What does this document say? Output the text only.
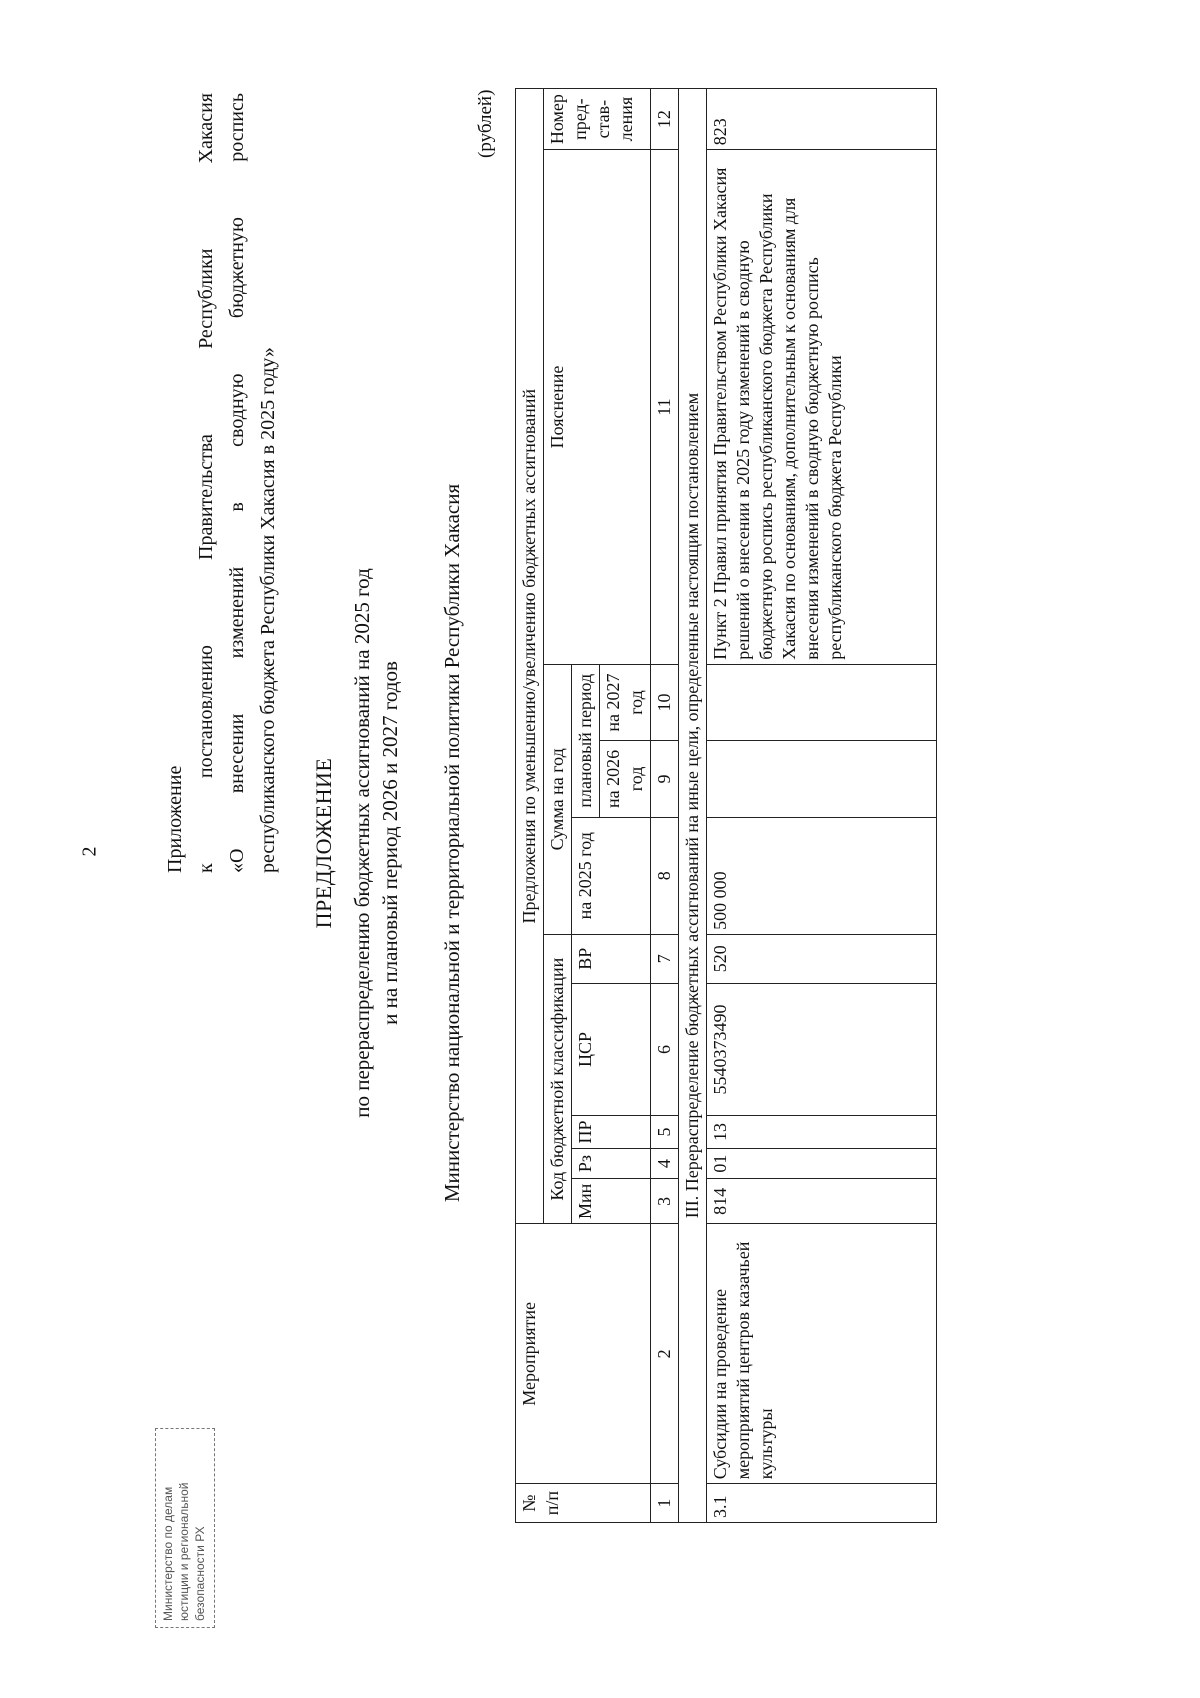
2
Министерство по делам юстиции и региональной безопасности РХ
Приложение к
постановлению
Правительства
Республики
Хакасия
«О
внесении
изменений
в
сводную
бюджетную
роспись
республиканского бюджета Республики Хакасия в 2025 году» ПРЕДЛОЖЕНИЕ по перераспределению бюджетных ассигнований на 2025 год и на плановый период 2026 и 2027 годов Министерство национальной и территориальной политики Республики Хакасия
(рублей)
№ п/п	Мероприятие	Предложения по уменьшению/увеличению бюджетных ассигнований									
		Код бюджетной классификации					Сумма на год			Пояснение	Номер пред-став-ления
		Мин	Рз	ПР	ЦСР	ВР	на 2025 год	плановый период			
								на 2026 год	на 2027 год		
1	2	3	4	5	6	7	8	9	10	11	12
III. Перераспределение бюджетных ассигнований на иные цели, определенные настоящим постановлением											
3.1	Субсидии на проведение мероприятий центров казачьей культуры	814	01	13	5540373490	520	500 000			Пункт 2 Правил принятия Правительством Республики Хакасия решений о внесении в 2025 году изменений в сводную бюджетную роспись республиканского бюджета Республики Хакасия по основаниям, дополнительным к основаниям для внесения изменений в сводную бюджетную роспись республиканского бюджета Республики	823
